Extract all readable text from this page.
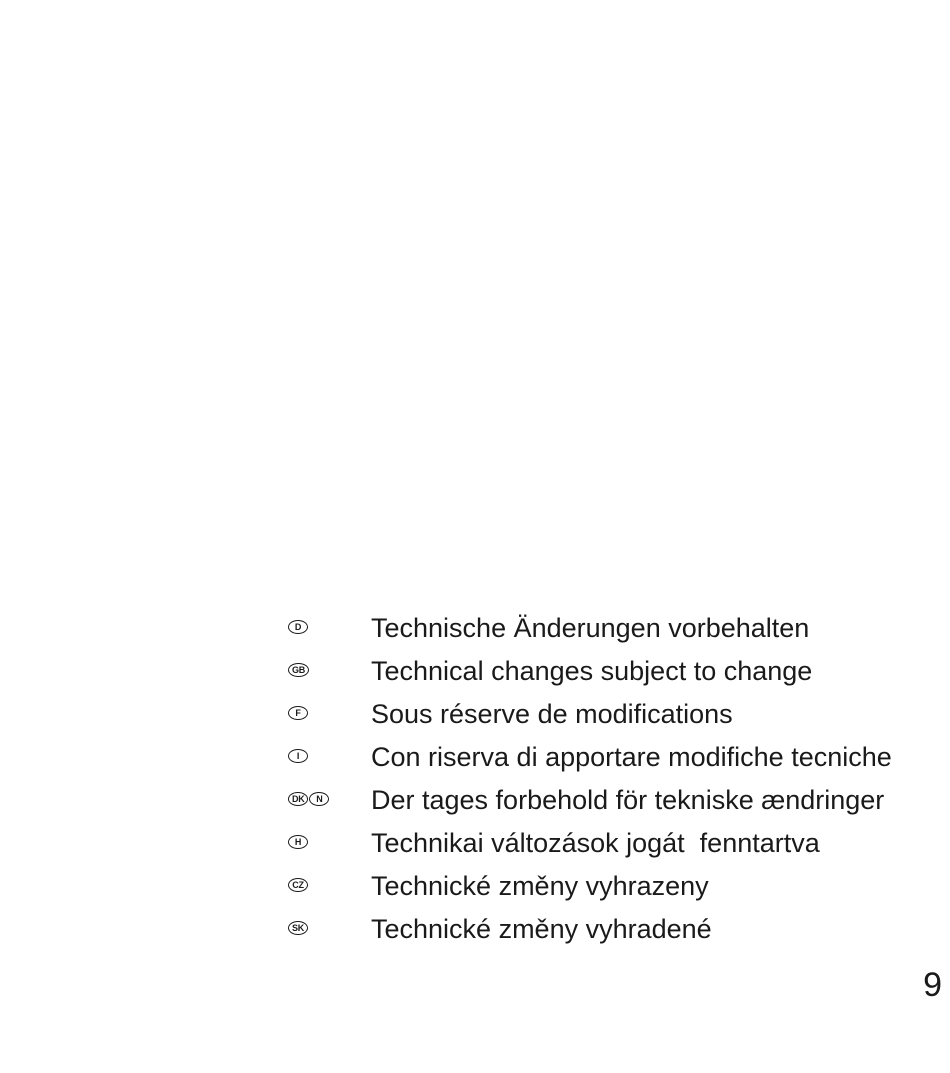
D	Technische Änderungen vorbehalten
GB Technical changes subject to change
F	Sous réserve de modifications
I	Con riserva di apportare modifiche tecniche
DK	N Der tages forbehold för tekniske ændringer
H	Technikai változások jogát  fenntartva
CZ Technické změny vyhrazeny
SK Technické změny vyhradené
9
